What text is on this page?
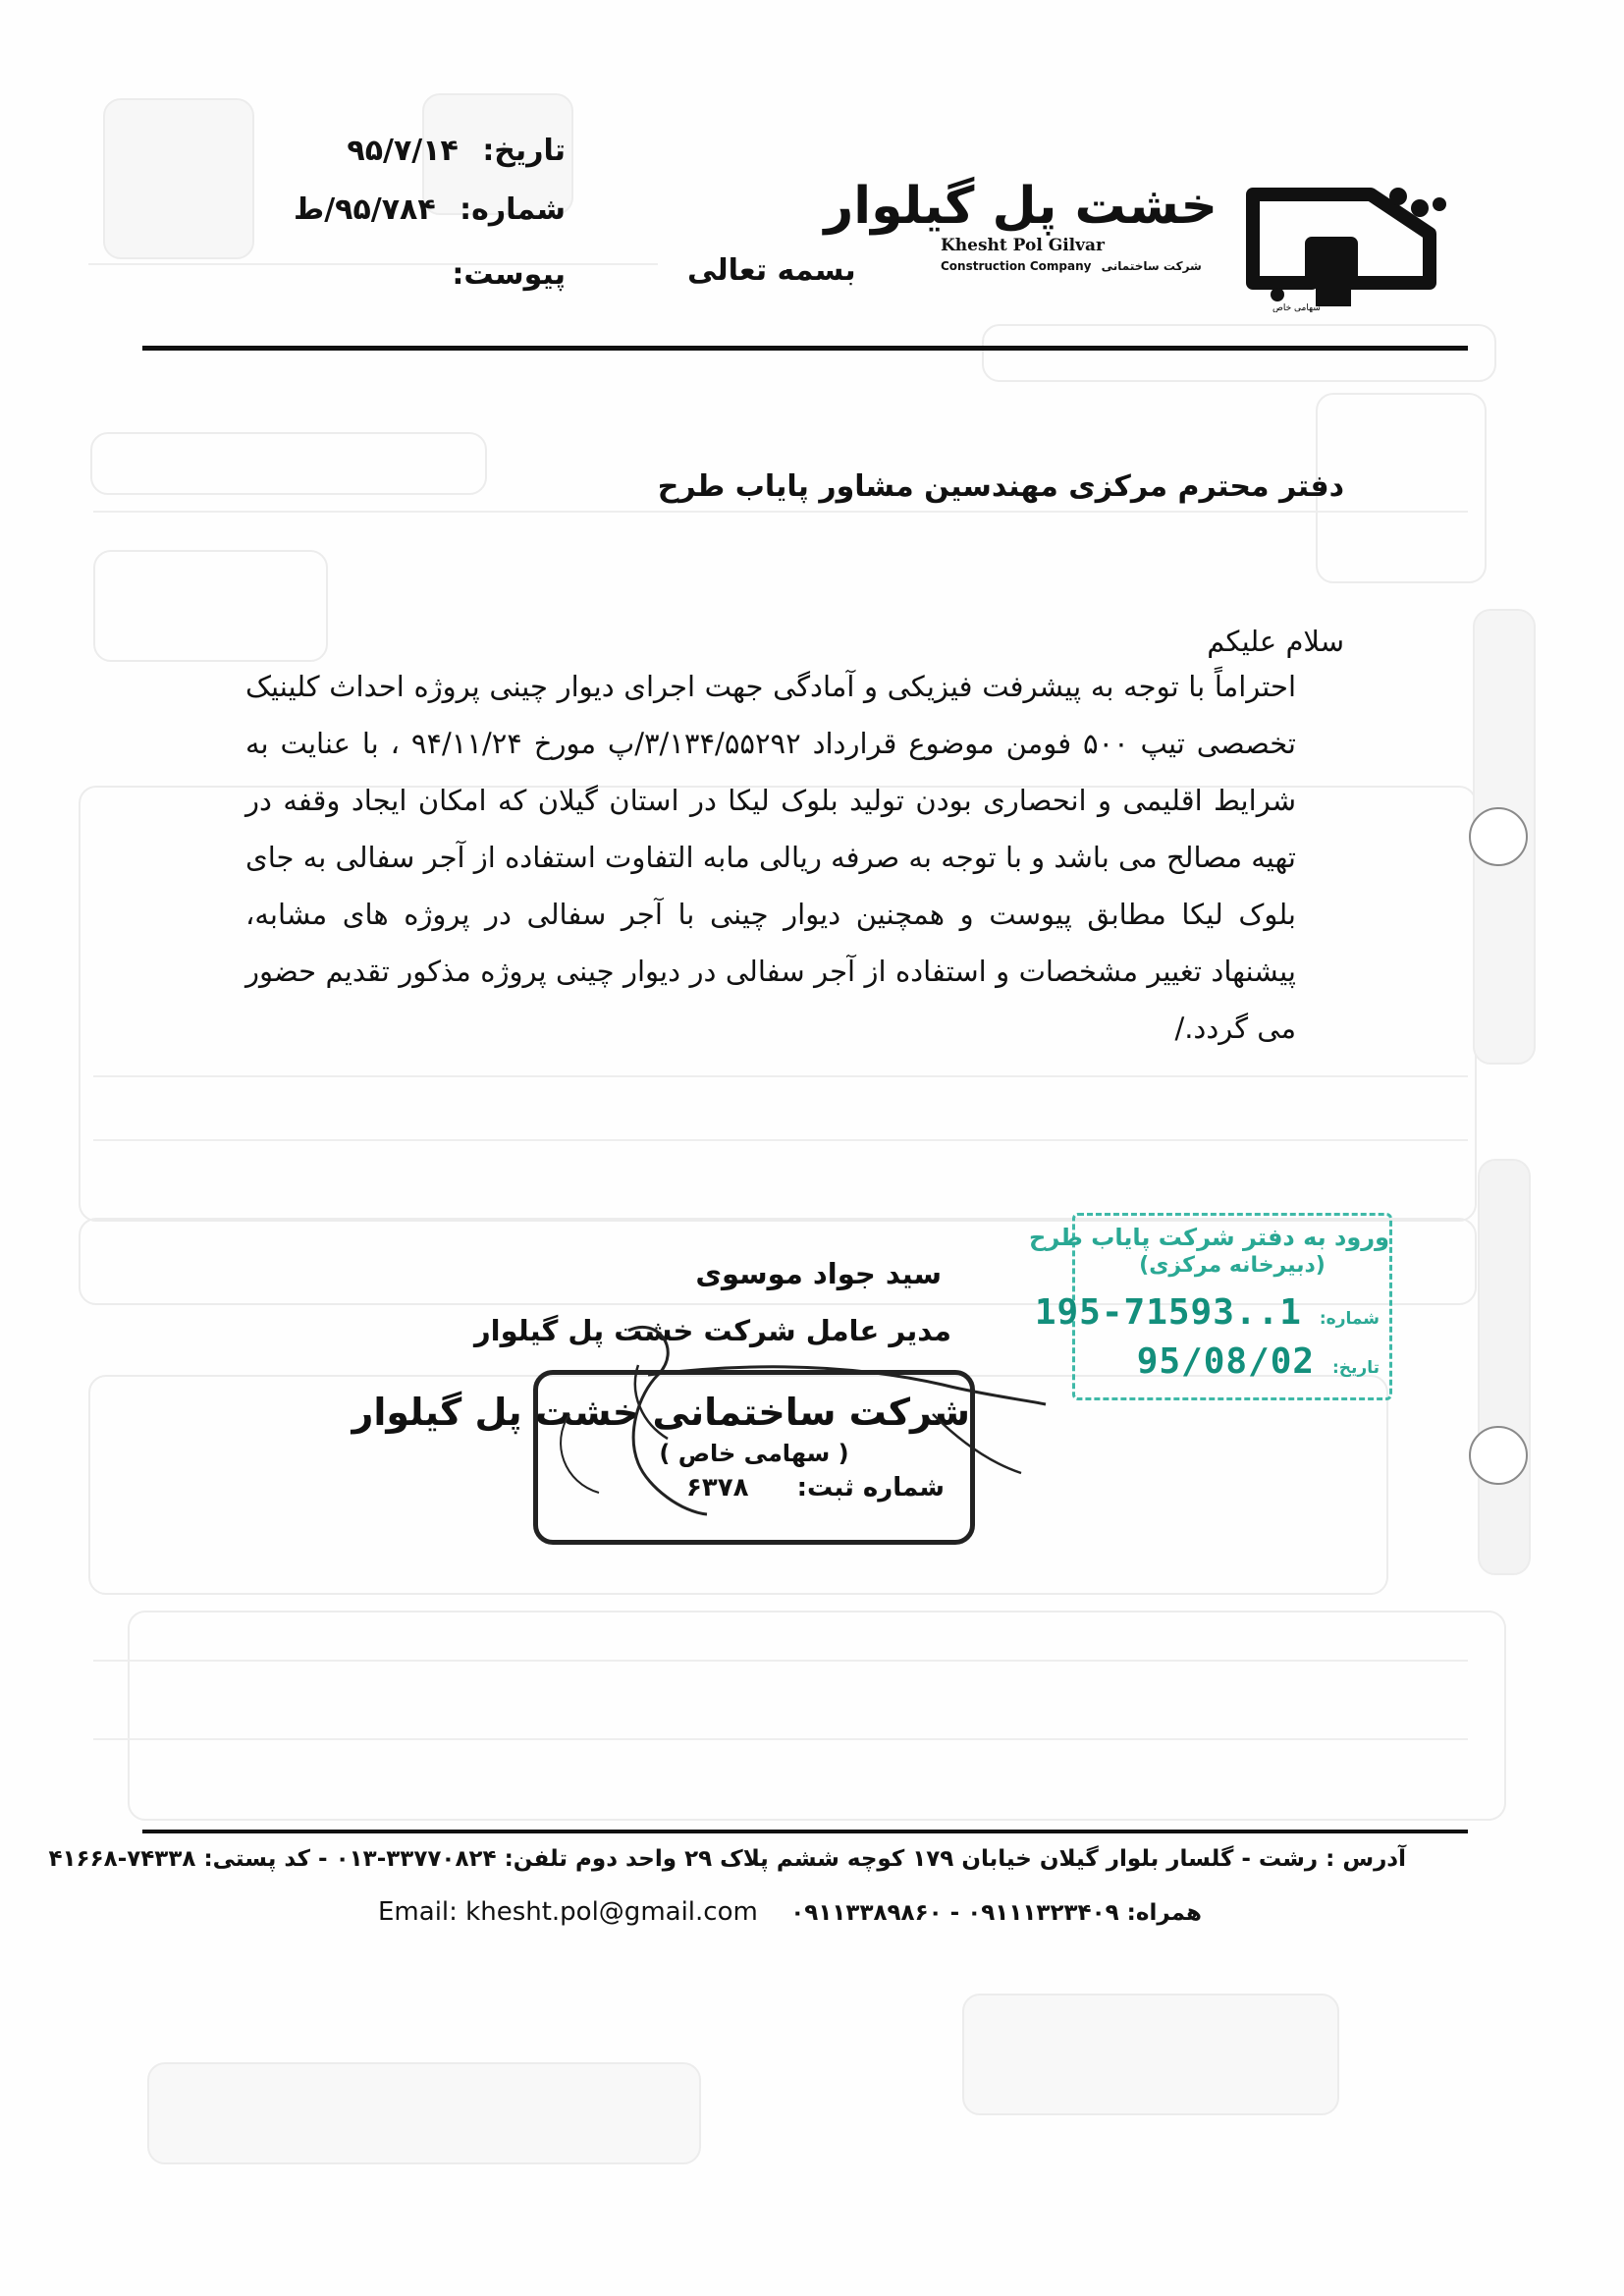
تاریخ: ۹۵/۷/۱۴
شماره: ۹۵/۷۸۴/ط
پیوست:	بسمه تعالی
خشت پل گیلوار
Khesht Pol Gilvar
Construction Company شرکت ساختمانی
سهامی خاص
دفتر محترم مرکزی مهندسین مشاور پایاب طرح
سلام علیکم
احتراماً با توجه به پیشرفت فیزیکی و آمادگی جهت اجرای دیوار چینی پروژه احداث کلینیک تخصصی تیپ ۵۰۰ فومن موضوع قرارداد ۳/۱۳۴/۵۵۲۹۲/پ مورخ ۹۴/۱۱/۲۴ ، با عنایت به شرایط اقلیمی و انحصاری بودن تولید بلوک لیکا در استان گیلان که امکان ایجاد وقفه در تهیه مصالح می باشد و با توجه به صرفه ریالی مابه التفاوت استفاده از آجر سفالی به جای بلوک لیکا مطابق پیوست و همچنین دیوار چینی با آجر سفالی در پروژه های مشابه، پیشنهاد تغییر مشخصات و استفاده از آجر سفالی در دیوار چینی پروژه مذکور تقدیم حضور می گردد./
ورود به دفتر شرکت پایاب طرح
(دبیرخانه مرکزی)
شماره: 1..195-71593
تاریخ: 95/08/02
سید جواد موسوی
مدیر عامل شرکت خشت پل گیلوار
شرکت ساختمانی خشت پل گیلوار
( سهامی خاص )
شماره ثبت: ۶۳۷۸
آدرس : رشت - گلسار بلوار گیلان خیابان ۱۷۹ کوچه ششم پلاک ۲۹ واحد دوم تلفن: ۳۳۷۷۰۸۲۴-۰۱۳ - کد پستی: ۷۴۳۳۸-۴۱۶۶۸
همراه: ۰۹۱۱۱۳۲۳۴۰۹ - ۰۹۱۱۳۳۸۹۸۶۰
Email: khesht.pol@gmail.com
